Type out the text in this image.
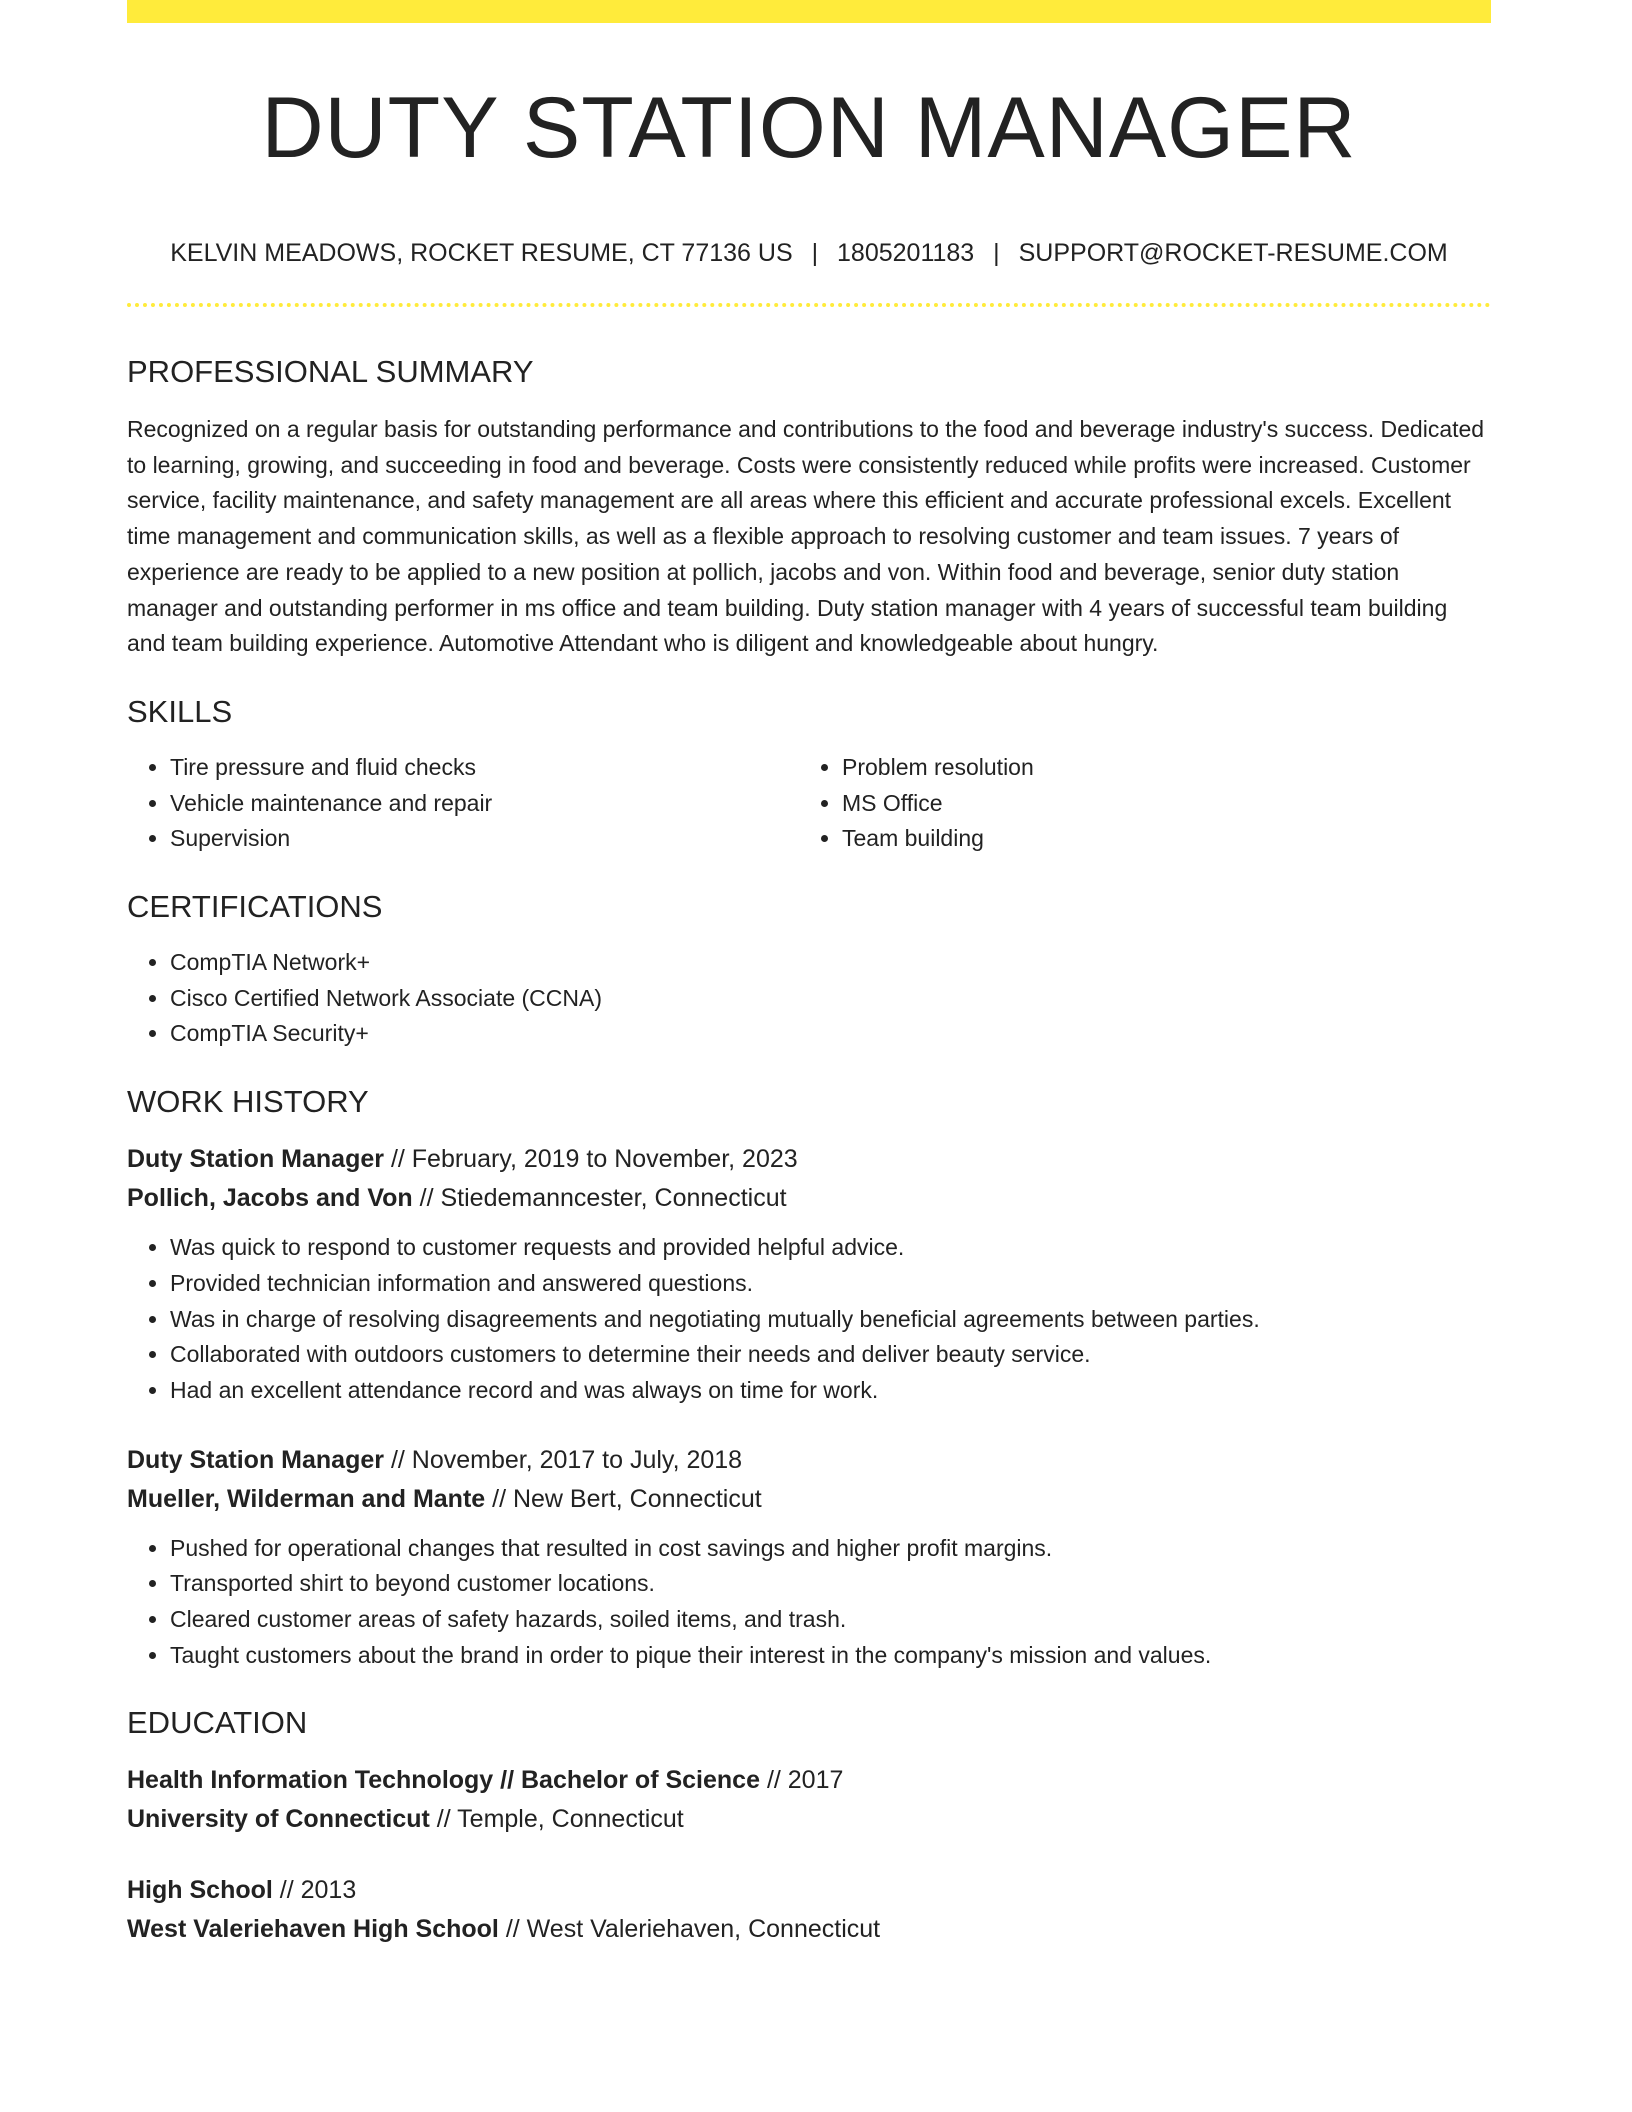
DUTY STATION MANAGER
KELVIN MEADOWS, ROCKET RESUME, CT 77136 US | 1805201183 | SUPPORT@ROCKET-RESUME.COM
PROFESSIONAL SUMMARY

Recognized on a regular basis for outstanding performance and contributions to the food and beverage industry's success. Dedicated to learning, growing, and succeeding in food and beverage. Costs were consistently reduced while profits were increased. Customer service, facility maintenance, and safety management are all areas where this efficient and accurate professional excels. Excellent time management and communication skills, as well as a flexible approach to resolving customer and team issues. 7 years of experience are ready to be applied to a new position at pollich, jacobs and von. Within food and beverage, senior duty station manager and outstanding performer in ms office and team building. Duty station manager with 4 years of successful team building and team building experience. Automotive Attendant who is diligent and knowledgeable about hungry.

SKILLS
• Tire pressure and fluid checks
• Vehicle maintenance and repair
• Supervision
• Problem resolution
• MS Office
• Team building
CERTIFICATIONS
• CompTIA Network+
• Cisco Certified Network Associate (CCNA)
• CompTIA Security+
WORK HISTORY
Duty Station Manager // February, 2019 to November, 2023
Pollich, Jacobs and Von // Stiedemanncester, Connecticut
• Was quick to respond to customer requests and provided helpful advice.
• Provided technician information and answered questions.
• Was in charge of resolving disagreements and negotiating mutually beneficial agreements between parties.
• Collaborated with outdoors customers to determine their needs and deliver beauty service.
• Had an excellent attendance record and was always on time for work.
Duty Station Manager // November, 2017 to July, 2018
Mueller, Wilderman and Mante // New Bert, Connecticut
• Pushed for operational changes that resulted in cost savings and higher profit margins.
• Transported shirt to beyond customer locations.
• Cleared customer areas of safety hazards, soiled items, and trash.
• Taught customers about the brand in order to pique their interest in the company's mission and values.
EDUCATION
Health Information Technology // Bachelor of Science // 2017
University of Connecticut // Temple, Connecticut
High School // 2013
West Valeriehaven High School // West Valeriehaven, Connecticut
